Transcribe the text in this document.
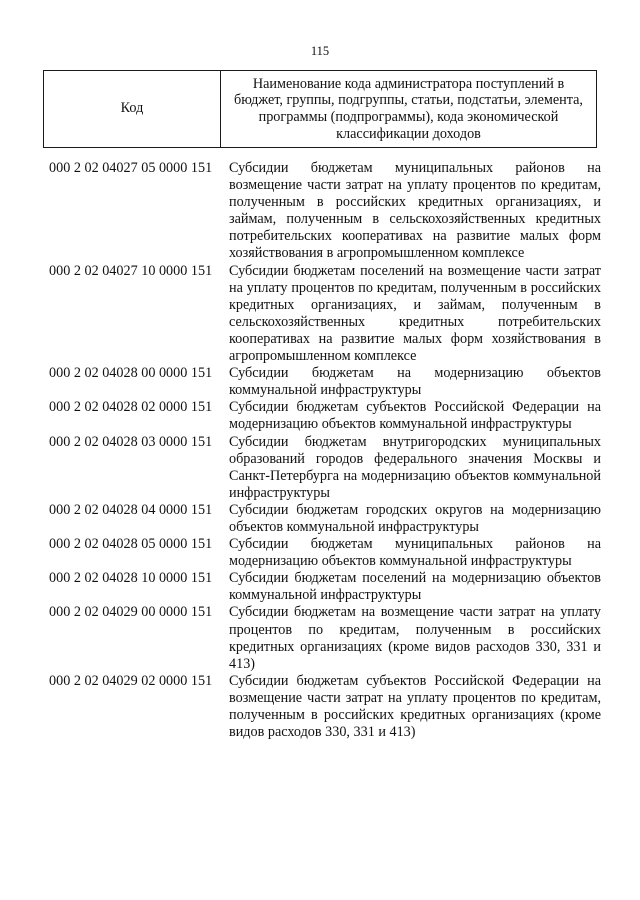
115
Код	Наименование кода администратора поступлений в бюджет, группы, подгруппы, статьи, подстатьи, элемента, программы (подпрограммы), кода экономической классификации доходов
000 2 02 04027 05 0000 151	Субсидии бюджетам муниципальных районов на возмещение части затрат на уплату процентов по кредитам, полученным в российских кредитных организациях, и займам, полученным в сельскохозяйственных кредитных потребительских кооперативах на развитие малых форм хозяйствования в агропромышленном комплексе
000 2 02 04027 10 0000 151	Субсидии бюджетам поселений на возмещение части затрат на уплату процентов по кредитам, полученным в российских кредитных организациях, и займам, полученным в сельскохозяйственных кредитных потребительских кооперативах на развитие малых форм хозяйствования в агропромышленном комплексе
000 2 02 04028 00 0000 151	Субсидии бюджетам на модернизацию объектов коммунальной инфраструктуры
000 2 02 04028 02 0000 151	Субсидии бюджетам субъектов Российской Федерации на модернизацию объектов коммунальной инфраструктуры
000 2 02 04028 03 0000 151	Субсидии бюджетам внутригородских муниципальных образований городов федерального значения Москвы и Санкт-Петербурга на модернизацию объектов коммунальной инфраструктуры
000 2 02 04028 04 0000 151	Субсидии бюджетам городских округов на модернизацию объектов коммунальной инфраструктуры
000 2 02 04028 05 0000 151	Субсидии бюджетам муниципальных районов на модернизацию объектов коммунальной инфраструктуры
000 2 02 04028 10 0000 151	Субсидии бюджетам поселений на модернизацию объектов коммунальной инфраструктуры
000 2 02 04029 00 0000 151	Субсидии бюджетам на возмещение части затрат на уплату процентов по кредитам, полученным в российских кредитных организациях (кроме видов расходов 330, 331 и 413)
000 2 02 04029 02 0000 151	Субсидии бюджетам субъектов Российской Федерации на возмещение части затрат на уплату процентов по кредитам, полученным в российских кредитных организациях (кроме видов расходов 330, 331 и 413)
